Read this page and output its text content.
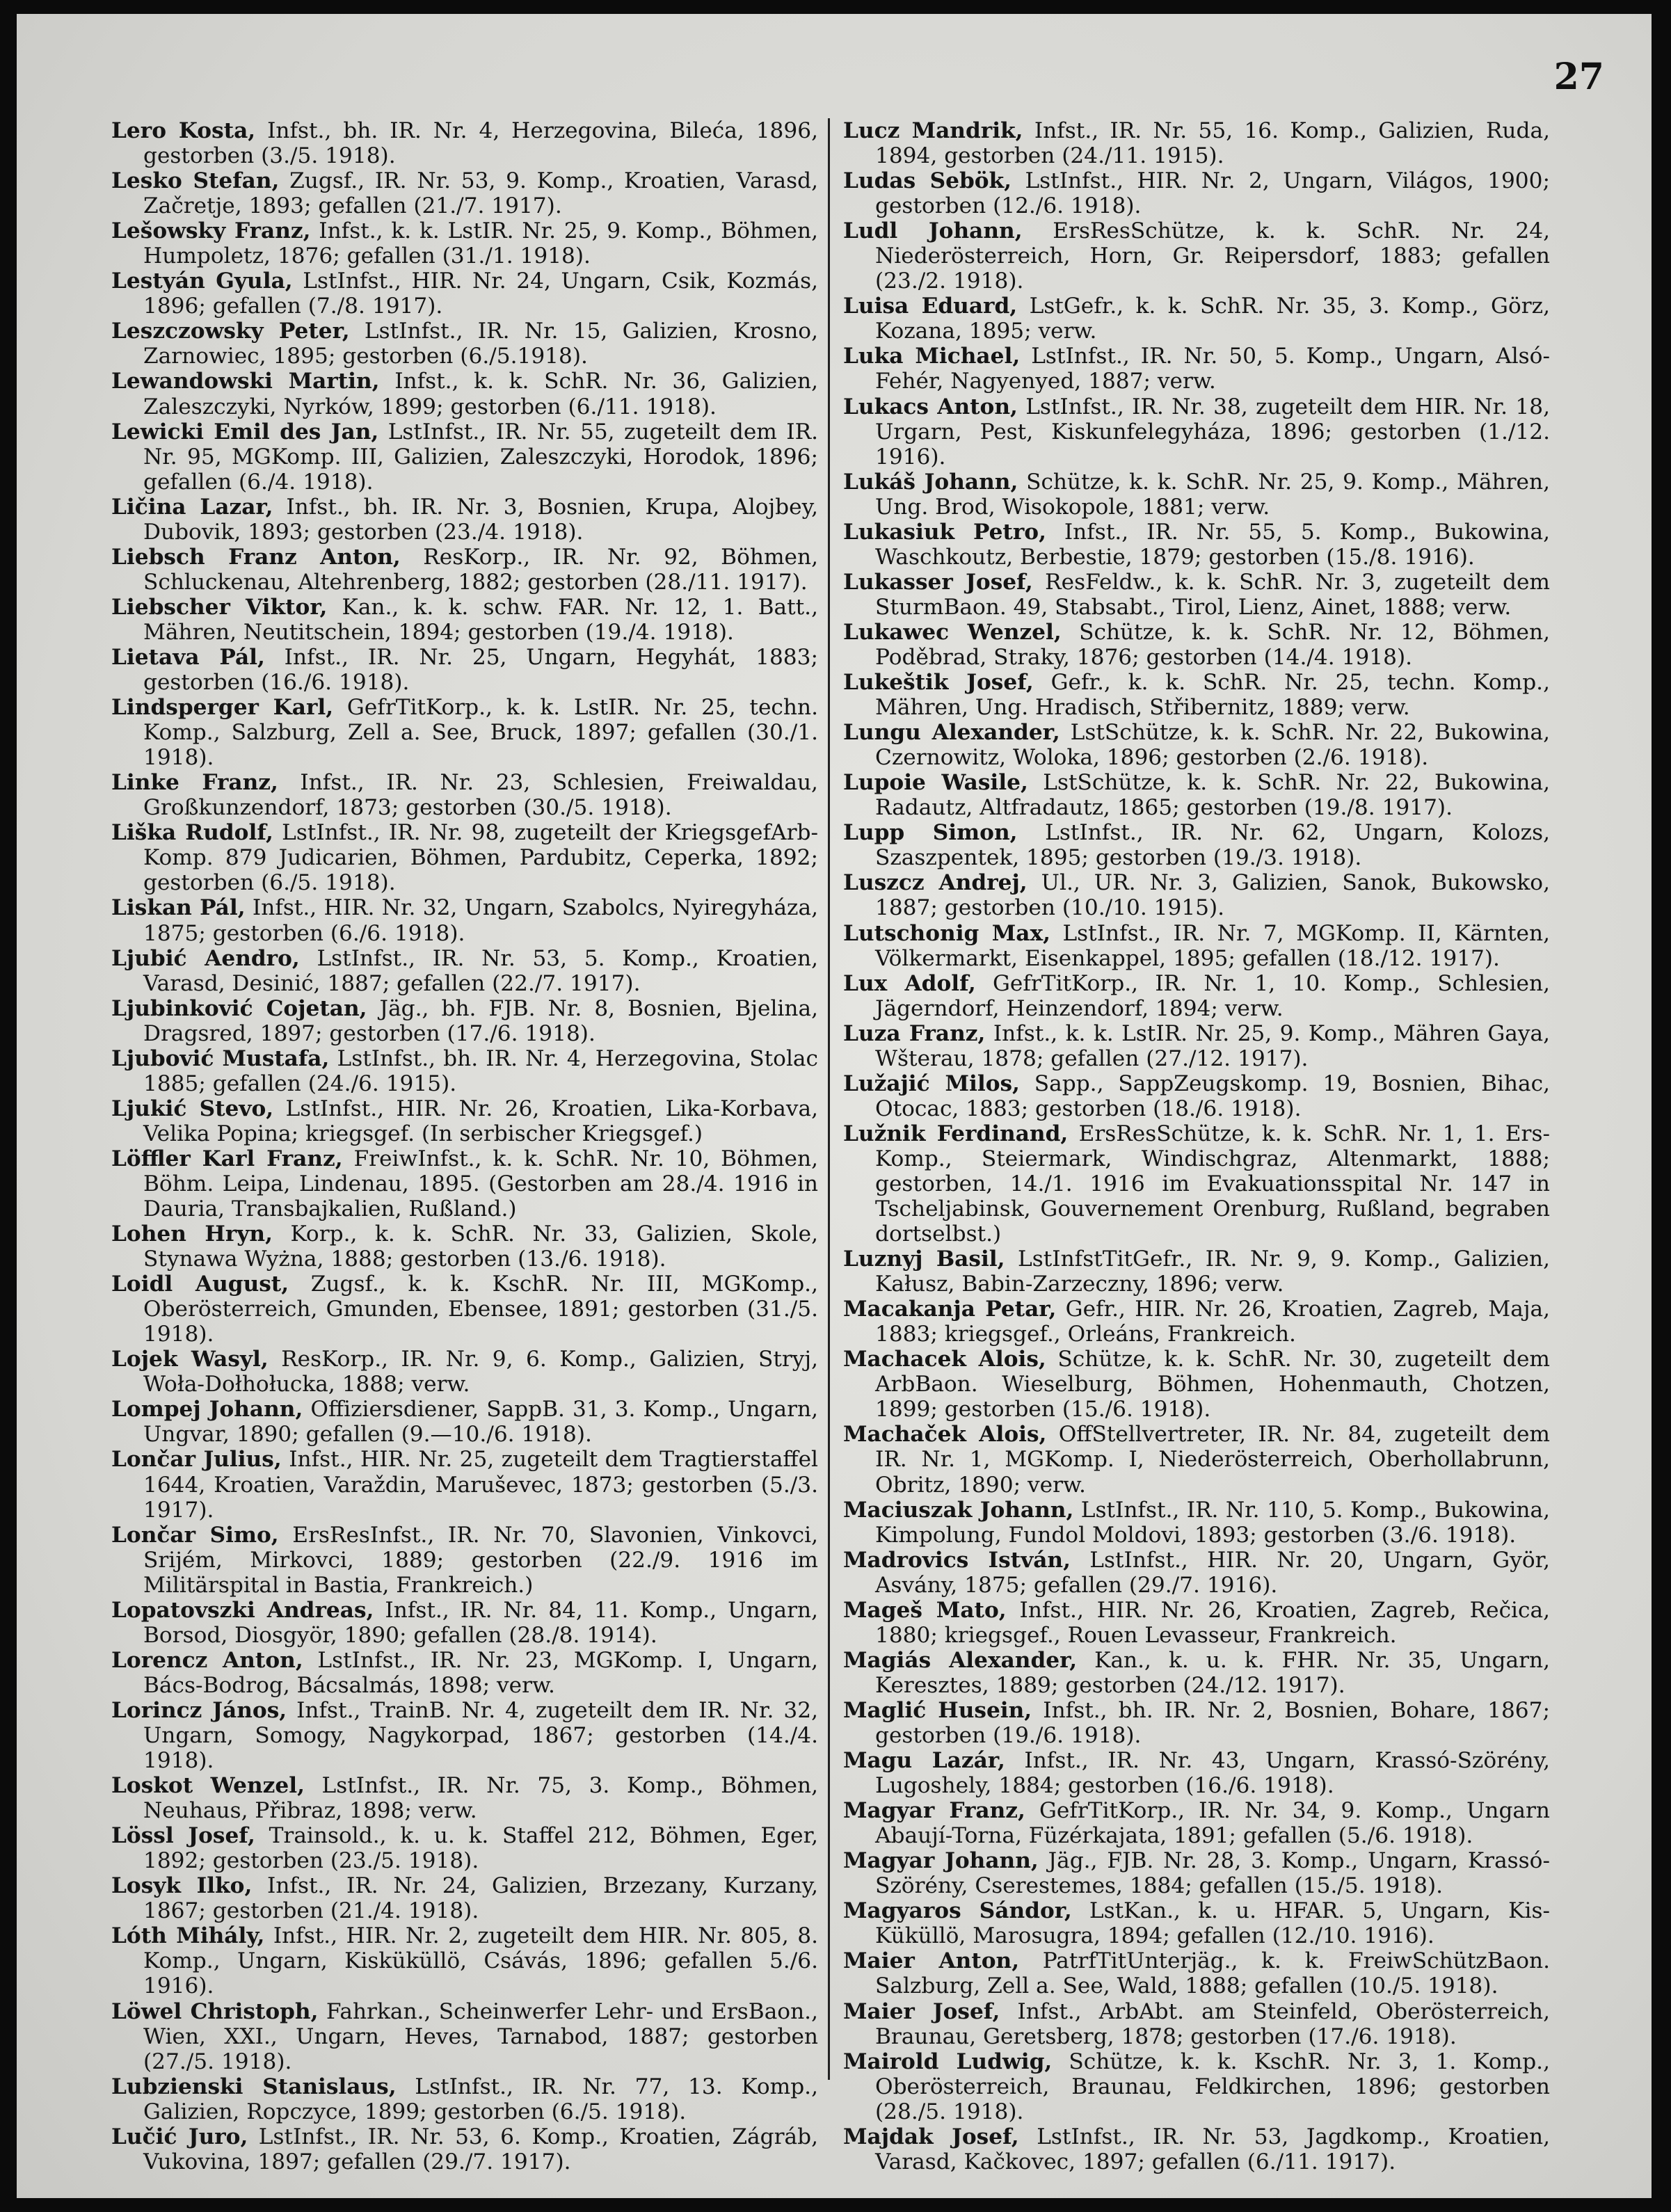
27

Lero Kosta, Infst., bh. IR. Nr. 4, Herzegovina, Bileća, 1896, gestorben (3./5. 1918).
Lesko Stefan, Zugsf., IR. Nr. 53, 9. Komp., Kroatien, Varasd, Začretje, 1893; gefallen (21./7. 1917).
Lešowsky Franz, Infst., k. k. LstIR. Nr. 25, 9. Komp., Böhmen, Humpoletz, 1876; gefallen (31./1. 1918).
Lestyán Gyula, LstInfst., HIR. Nr. 24, Ungarn, Csik, Kozmás, 1896; gefallen (7./8. 1917).
Leszczowsky Peter, LstInfst., IR. Nr. 15, Galizien, Krosno, Zarnowiec, 1895; gestorben (6./5.1918).
Lewandowski Martin, Infst., k. k. SchR. Nr. 36, Galizien, Zaleszczyki, Nyrków, 1899; gestorben (6./11. 1918).
Lewicki Emil des Jan, LstInfst., IR. Nr. 55, zugeteilt dem IR. Nr. 95, MGKomp. III, Galizien, Zaleszczyki, Horodok, 1896; gefallen (6./4. 1918).
Ličina Lazar, Infst., bh. IR. Nr. 3, Bosnien, Krupa, Alojbey, Dubovik, 1893; gestorben (23./4. 1918).
Liebsch Franz Anton, ResKorp., IR. Nr. 92, Böhmen, Schluckenau, Altehrenberg, 1882; gestorben (28./11. 1917).
Liebscher Viktor, Kan., k. k. schw. FAR. Nr. 12, 1. Batt., Mähren, Neutitschein, 1894; gestorben (19./4. 1918).
Lietava Pál, Infst., IR. Nr. 25, Ungarn, Hegyhát, 1883; gestorben (16./6. 1918).
Lindsperger Karl, GefrTitKorp., k. k. LstIR. Nr. 25, techn. Komp., Salzburg, Zell a. See, Bruck, 1897; gefallen (30./1. 1918).
Linke Franz, Infst., IR. Nr. 23, Schlesien, Freiwaldau, Großkunzendorf, 1873; gestorben (30./5. 1918).
Liška Rudolf, LstInfst., IR. Nr. 98, zugeteilt der KriegsgefArb-Komp. 879 Judicarien, Böhmen, Pardubitz, Ceperka, 1892; gestorben (6./5. 1918).
Liskan Pál, Infst., HIR. Nr. 32, Ungarn, Szabolcs, Nyiregyháza, 1875; gestorben (6./6. 1918).
Ljubić Aendro, LstInfst., IR. Nr. 53, 5. Komp., Kroatien, Varasd, Desinić, 1887; gefallen (22./7. 1917).
Ljubinković Cojetan, Jäg., bh. FJB. Nr. 8, Bosnien, Bjelina, Dragsred, 1897; gestorben (17./6. 1918).
Ljubović Mustafa, LstInfst., bh. IR. Nr. 4, Herzegovina, Stolac 1885; gefallen (24./6. 1915).
Ljukić Stevo, LstInfst., HIR. Nr. 26, Kroatien, Lika-Korbava, Velika Popina; kriegsgef. (In serbischer Kriegsgef.)
Löffler Karl Franz, FreiwInfst., k. k. SchR. Nr. 10, Böhmen, Böhm. Leipa, Lindenau, 1895. (Gestorben am 28./4. 1916 in Dauria, Transbajkalien, Rußland.)
Lohen Hryn, Korp., k. k. SchR. Nr. 33, Galizien, Skole, Stynawa Wyżna, 1888; gestorben (13./6. 1918).
Loidl August, Zugsf., k. k. KschR. Nr. III, MGKomp., Oberösterreich, Gmunden, Ebensee, 1891; gestorben (31./5. 1918).
Lojek Wasyl, ResKorp., IR. Nr. 9, 6. Komp., Galizien, Stryj, Woła-Dołhołucka, 1888; verw.
Lompej Johann, Offiziersdiener, SappB. 31, 3. Komp., Ungarn, Ungvar, 1890; gefallen (9.—10./6. 1918).
Lončar Julius, Infst., HIR. Nr. 25, zugeteilt dem Tragtierstaffel 1644, Kroatien, Varaždin, Maruševec, 1873; gestorben (5./3. 1917).
Lončar Simo, ErsResInfst., IR. Nr. 70, Slavonien, Vinkovci, Srijém, Mirkovci, 1889; gestorben (22./9. 1916 im Militärspital in Bastia, Frankreich.)
Lopatovszki Andreas, Infst., IR. Nr. 84, 11. Komp., Ungarn, Borsod, Diosgyör, 1890; gefallen (28./8. 1914).
Lorencz Anton, LstInfst., IR. Nr. 23, MGKomp. I, Ungarn, Bács-Bodrog, Bácsalmás, 1898; verw.
Lorincz János, Infst., TrainB. Nr. 4, zugeteilt dem IR. Nr. 32, Ungarn, Somogy, Nagykorpad, 1867; gestorben (14./4. 1918).
Loskot Wenzel, LstInfst., IR. Nr. 75, 3. Komp., Böhmen, Neuhaus, Přibraz, 1898; verw.
Lössl Josef, Trainsold., k. u. k. Staffel 212, Böhmen, Eger, 1892; gestorben (23./5. 1918).
Losyk Ilko, Infst., IR. Nr. 24, Galizien, Brzezany, Kurzany, 1867; gestorben (21./4. 1918).
Lóth Mihály, Infst., HIR. Nr. 2, zugeteilt dem HIR. Nr. 805, 8. Komp., Ungarn, Kisküküllö, Csávás, 1896; gefallen 5./6. 1916).
Löwel Christoph, Fahrkan., Scheinwerfer Lehr- und ErsBaon., Wien, XXI., Ungarn, Heves, Tarnabod, 1887; gestorben (27./5. 1918).
Lubzienski Stanislaus, LstInfst., IR. Nr. 77, 13. Komp., Galizien, Ropczyce, 1899; gestorben (6./5. 1918).
Lučić Juro, LstInfst., IR. Nr. 53, 6. Komp., Kroatien, Zágráb, Vukovina, 1897; gefallen (29./7. 1917).
Lucz Mandrik, Infst., IR. Nr. 55, 16. Komp., Galizien, Ruda, 1894, gestorben (24./11. 1915).
Ludas Sebök, LstInfst., HIR. Nr. 2, Ungarn, Világos, 1900; gestorben (12./6. 1918).
Ludl Johann, ErsResSchütze, k. k. SchR. Nr. 24, Niederösterreich, Horn, Gr. Reipersdorf, 1883; gefallen (23./2. 1918).
Luisa Eduard, LstGefr., k. k. SchR. Nr. 35, 3. Komp., Görz, Kozana, 1895; verw.
Luka Michael, LstInfst., IR. Nr. 50, 5. Komp., Ungarn, Alsó-Fehér, Nagyenyed, 1887; verw.
Lukacs Anton, LstInfst., IR. Nr. 38, zugeteilt dem HIR. Nr. 18, Urgarn, Pest, Kiskunfelegyháza, 1896; gestorben (1./12. 1916).
Lukáš Johann, Schütze, k. k. SchR. Nr. 25, 9. Komp., Mähren, Ung. Brod, Wisokopole, 1881; verw.
Lukasiuk Petro, Infst., IR. Nr. 55, 5. Komp., Bukowina, Waschkoutz, Berbestie, 1879; gestorben (15./8. 1916).
Lukasser Josef, ResFeldw., k. k. SchR. Nr. 3, zugeteilt dem SturmBaon. 49, Stabsabt., Tirol, Lienz, Ainet, 1888; verw.
Lukawec Wenzel, Schütze, k. k. SchR. Nr. 12, Böhmen, Poděbrad, Straky, 1876; gestorben (14./4. 1918).
Lukeštik Josef, Gefr., k. k. SchR. Nr. 25, techn. Komp., Mähren, Ung. Hradisch, Střibernitz, 1889; verw.
Lungu Alexander, LstSchütze, k. k. SchR. Nr. 22, Bukowina, Czernowitz, Woloka, 1896; gestorben (2./6. 1918).
Lupoie Wasile, LstSchütze, k. k. SchR. Nr. 22, Bukowina, Radautz, Altfradautz, 1865; gestorben (19./8. 1917).
Lupp Simon, LstInfst., IR. Nr. 62, Ungarn, Kolozs, Szaszpentek, 1895; gestorben (19./3. 1918).
Luszcz Andrej, Ul., UR. Nr. 3, Galizien, Sanok, Bukowsko, 1887; gestorben (10./10. 1915).
Lutschonig Max, LstInfst., IR. Nr. 7, MGKomp. II, Kärnten, Völkermarkt, Eisenkappel, 1895; gefallen (18./12. 1917).
Lux Adolf, GefrTitKorp., IR. Nr. 1, 10. Komp., Schlesien, Jägerndorf, Heinzendorf, 1894; verw.
Luza Franz, Infst., k. k. LstIR. Nr. 25, 9. Komp., Mähren Gaya, Wšterau, 1878; gefallen (27./12. 1917).
Lužajić Milos, Sapp., SappZeugskomp. 19, Bosnien, Bihac, Otocac, 1883; gestorben (18./6. 1918).
Lužnik Ferdinand, ErsResSchütze, k. k. SchR. Nr. 1, 1. Ers-Komp., Steiermark, Windischgraz, Altenmarkt, 1888; gestorben, 14./1. 1916 im Evakuationsspital Nr. 147 in Tscheljabinsk, Gouvernement Orenburg, Rußland, begraben dortselbst.)
Luznyj Basil, LstInfstTitGefr., IR. Nr. 9, 9. Komp., Galizien, Kałusz, Babin-Zarzeczny, 1896; verw.
Macakanja Petar, Gefr., HIR. Nr. 26, Kroatien, Zagreb, Maja, 1883; kriegsgef., Orleáns, Frankreich.
Machacek Alois, Schütze, k. k. SchR. Nr. 30, zugeteilt dem ArbBaon. Wieselburg, Böhmen, Hohenmauth, Chotzen, 1899; gestorben (15./6. 1918).
Machaček Alois, OffStellvertreter, IR. Nr. 84, zugeteilt dem IR. Nr. 1, MGKomp. I, Niederösterreich, Oberhollabrunn, Obritz, 1890; verw.
Maciuszak Johann, LstInfst., IR. Nr. 110, 5. Komp., Bukowina, Kimpolung, Fundol Moldovi, 1893; gestorben (3./6. 1918).
Madrovics István, LstInfst., HIR. Nr. 20, Ungarn, Györ, Asvány, 1875; gefallen (29./7. 1916).
Mageš Mato, Infst., HIR. Nr. 26, Kroatien, Zagreb, Rečica, 1880; kriegsgef., Rouen Levasseur, Frankreich.
Magiás Alexander, Kan., k. u. k. FHR. Nr. 35, Ungarn, Keresztes, 1889; gestorben (24./12. 1917).
Maglić Husein, Infst., bh. IR. Nr. 2, Bosnien, Bohare, 1867; gestorben (19./6. 1918).
Magu Lazár, Infst., IR. Nr. 43, Ungarn, Krassó-Szörény, Lugoshely, 1884; gestorben (16./6. 1918).
Magyar Franz, GefrTitKorp., IR. Nr. 34, 9. Komp., Ungarn Abaují-Torna, Füzérkajata, 1891; gefallen (5./6. 1918).
Magyar Johann, Jäg., FJB. Nr. 28, 3. Komp., Ungarn, Krassó-Szörény, Cserestemes, 1884; gefallen (15./5. 1918).
Magyaros Sándor, LstKan., k. u. HFAR. 5, Ungarn, Kis-Küküllö, Marosugra, 1894; gefallen (12./10. 1916).
Maier Anton, PatrfTitUnterjäg., k. k. FreiwSchützBaon. Salzburg, Zell a. See, Wald, 1888; gefallen (10./5. 1918).
Maier Josef, Infst., ArbAbt. am Steinfeld, Oberösterreich, Braunau, Geretsberg, 1878; gestorben (17./6. 1918).
Mairold Ludwig, Schütze, k. k. KschR. Nr. 3, 1. Komp., Oberösterreich, Braunau, Feldkirchen, 1896; gestorben (28./5. 1918).
Majdak Josef, LstInfst., IR. Nr. 53, Jagdkomp., Kroatien, Varasd, Kačkovec, 1897; gefallen (6./11. 1917).
